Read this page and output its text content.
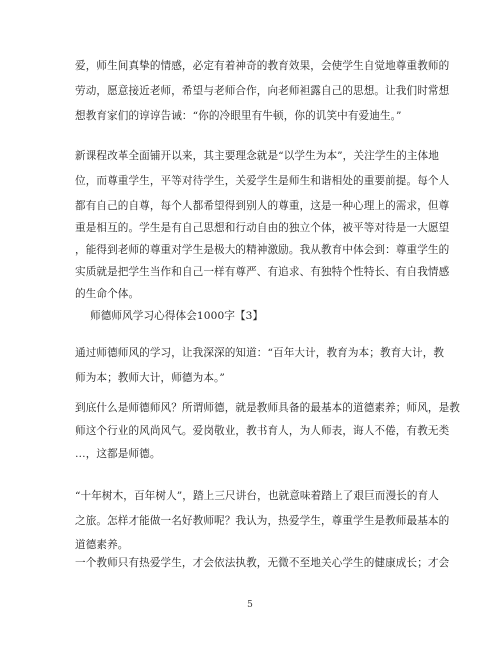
爱，师生间真挚的情感，必定有着神奇的教育效果，会使学生自觉地尊重教师的
劳动，愿意接近老师，希望与老师合作，向老师袒露自己的思想。让我们时常想
想教育家们的谆谆告诫：“你的冷眼里有牛顿，你的讥笑中有爱迪生。”
新课程改革全面铺开以来，其主要理念就是“以学生为本”，关注学生的主体地
位，而尊重学生，平等对待学生，关爱学生是师生和谐相处的重要前提。每个人
都有自己的自尊，每个人都希望得到别人的尊重，这是一种心理上的需求，但尊
重是相互的。学生是有自己思想和行动自由的独立个体，被平等对待是一大愿望
，能得到老师的尊重对学生是极大的精神激励。我从教育中体会到：尊重学生的
实质就是把学生当作和自己一样有尊严、有追求、有独特个性特长、有自我情感
的生命个体。
师德师风学习心得体会1000字【3】
通过师德师风的学习，让我深深的知道：“百年大计，教育为本；教育大计，教
师为本；教师大计，师德为本。”
到底什么是师德师风？所谓师德，就是教师具备的最基本的道德素养；师风，是教
师这个行业的风尚风气。爱岗敬业，教书育人，为人师表，诲人不倦，有教无类
…，这都是师德。
“十年树木，百年树人”，踏上三尺讲台，也就意味着踏上了艰巨而漫长的育人
之旅。怎样才能做一名好教师呢？我认为，热爱学生，尊重学生是教师最基本的
道德素养。
一个教师只有热爱学生，才会依法执教，无微不至地关心学生的健康成长；才会
5
